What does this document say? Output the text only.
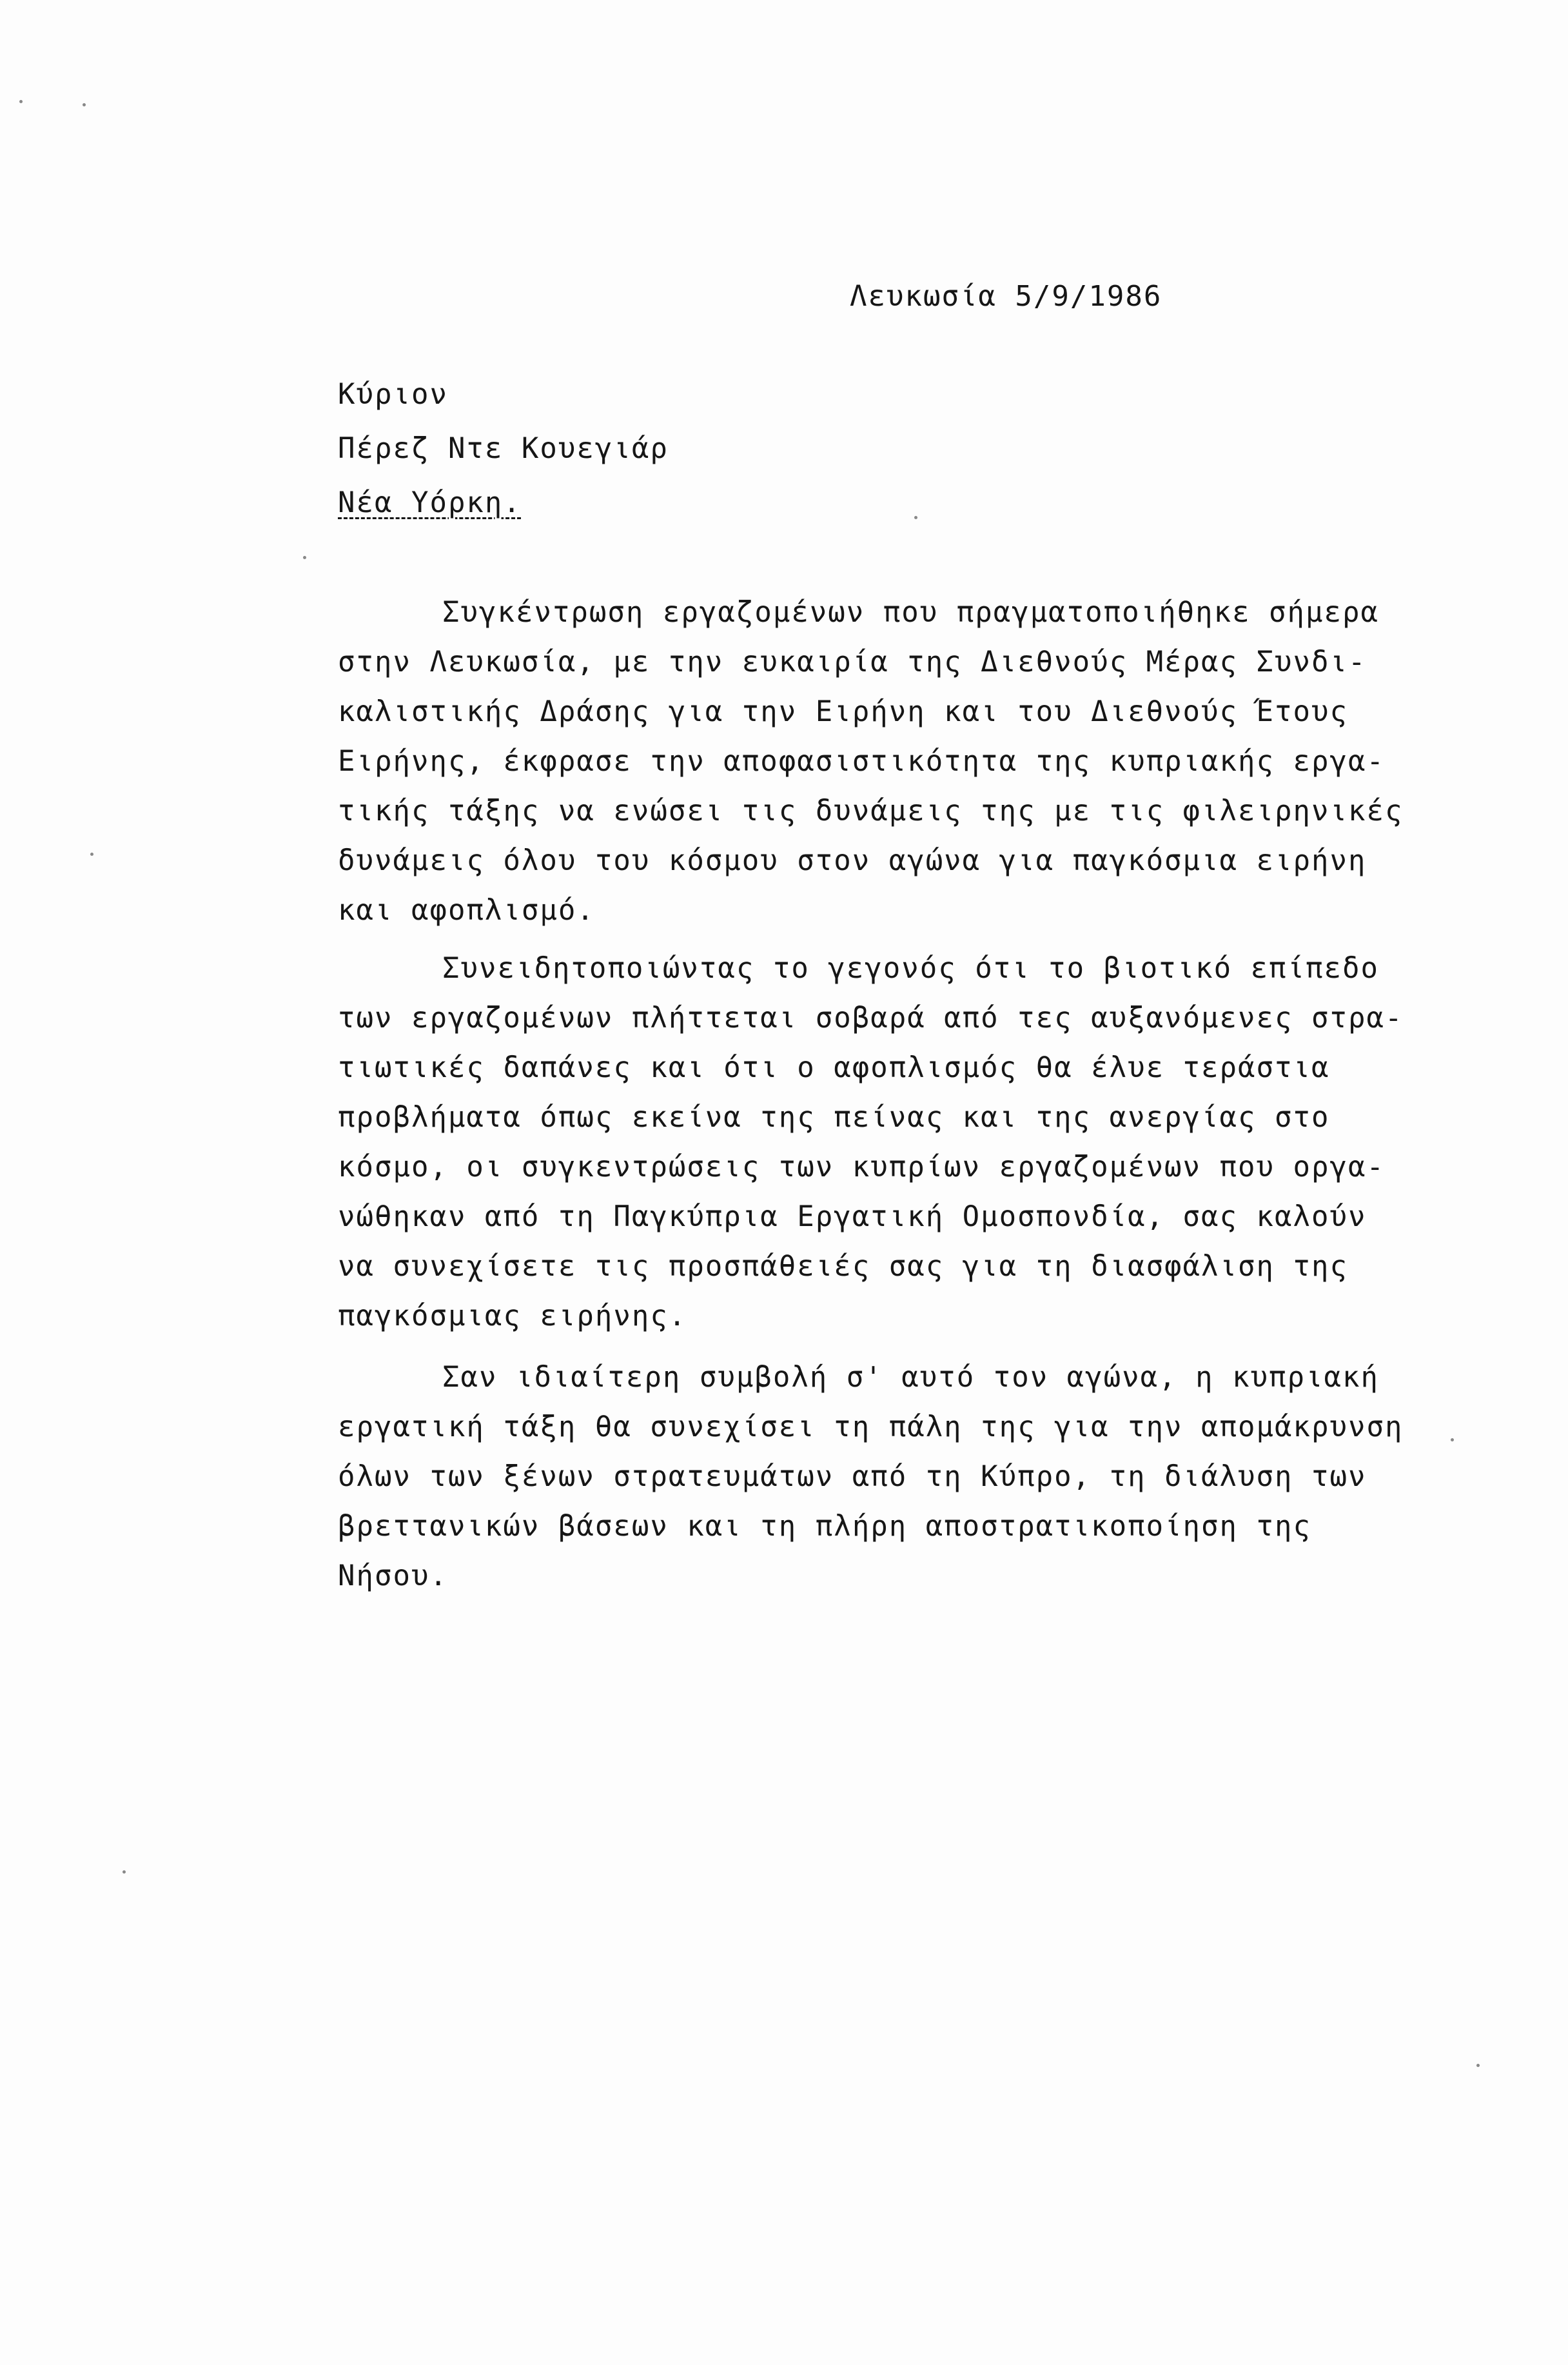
Λευκωσία 5/9/1986
Κύριον
Πέρεζ Ντε Κουεγιάρ
Νέα Υόρκη.
Συγκέντρωση εργαζομένων που πραγματοποιήθηκε σήμερα
στην Λευκωσία, με την ευκαιρία της Διεθνούς Μέρας Συνδι-
καλιστικής Δράσης για την Ειρήνη και του Διεθνούς Έτους
Ειρήνης, έκφρασε την αποφασιστικότητα της κυπριακής εργα-
τικής τάξης να ενώσει τις δυνάμεις της με τις φιλειρηνικές
δυνάμεις όλου του κόσμου στον αγώνα για παγκόσμια ειρήνη
και αφοπλισμό.
Συνειδητοποιώντας το γεγονός ότι το βιοτικό επίπεδο
των εργαζομένων πλήττεται σοβαρά από τες αυξανόμενες στρα-
τιωτικές δαπάνες και ότι ο αφοπλισμός θα έλυε τεράστια
προβλήματα όπως εκείνα της πείνας και της ανεργίας στο
κόσμο, οι συγκεντρώσεις των κυπρίων εργαζομένων που οργα-
νώθηκαν από τη Παγκύπρια Εργατική Ομοσπονδία, σας καλούν
να συνεχίσετε τις προσπάθειές σας για τη διασφάλιση της
παγκόσμιας ειρήνης.
Σαν ιδιαίτερη συμβολή σ' αυτό τον αγώνα, η κυπριακή
εργατική τάξη θα συνεχίσει τη πάλη της για την απομάκρυνση
όλων των ξένων στρατευμάτων από τη Κύπρο, τη διάλυση των
βρεττανικών βάσεων και τη πλήρη αποστρατικοποίηση της
Νήσου.
